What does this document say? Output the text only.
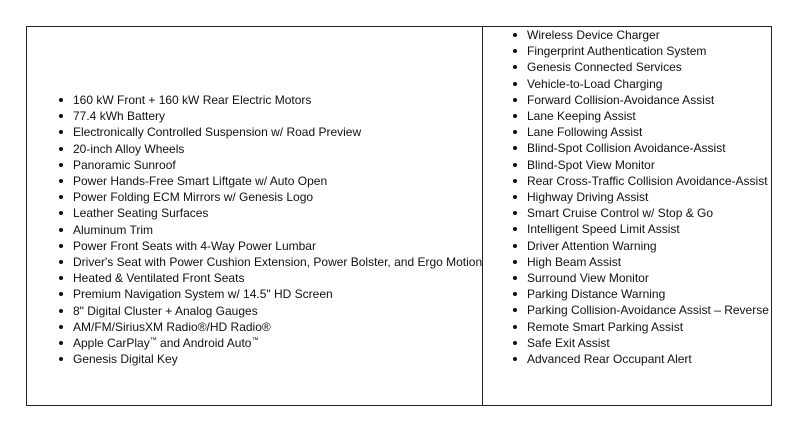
160 kW Front + 160 kW Rear Electric Motors
77.4 kWh Battery
Electronically Controlled Suspension w/ Road Preview
20-inch Alloy Wheels
Panoramic Sunroof
Power Hands-Free Smart Liftgate w/ Auto Open
Power Folding ECM Mirrors w/ Genesis Logo
Leather Seating Surfaces
Aluminum Trim
Power Front Seats with 4-Way Power Lumbar
Driver's Seat with Power Cushion Extension, Power Bolster, and Ergo Motion
Heated & Ventilated Front Seats
Premium Navigation System w/ 14.5" HD Screen
8" Digital Cluster + Analog Gauges
AM/FM/SiriusXM Radio®/HD Radio®
Apple CarPlay™ and Android Auto™
Genesis Digital Key
Wireless Device Charger
Fingerprint Authentication System
Genesis Connected Services
Vehicle-to-Load Charging
Forward Collision-Avoidance Assist
Lane Keeping Assist
Lane Following Assist
Blind-Spot Collision Avoidance-Assist
Blind-Spot View Monitor
Rear Cross-Traffic Collision Avoidance-Assist
Highway Driving Assist
Smart Cruise Control w/ Stop & Go
Intelligent Speed Limit Assist
Driver Attention Warning
High Beam Assist
Surround View Monitor
Parking Distance Warning
Parking Collision-Avoidance Assist – Reverse
Remote Smart Parking Assist
Safe Exit Assist
Advanced Rear Occupant Alert
